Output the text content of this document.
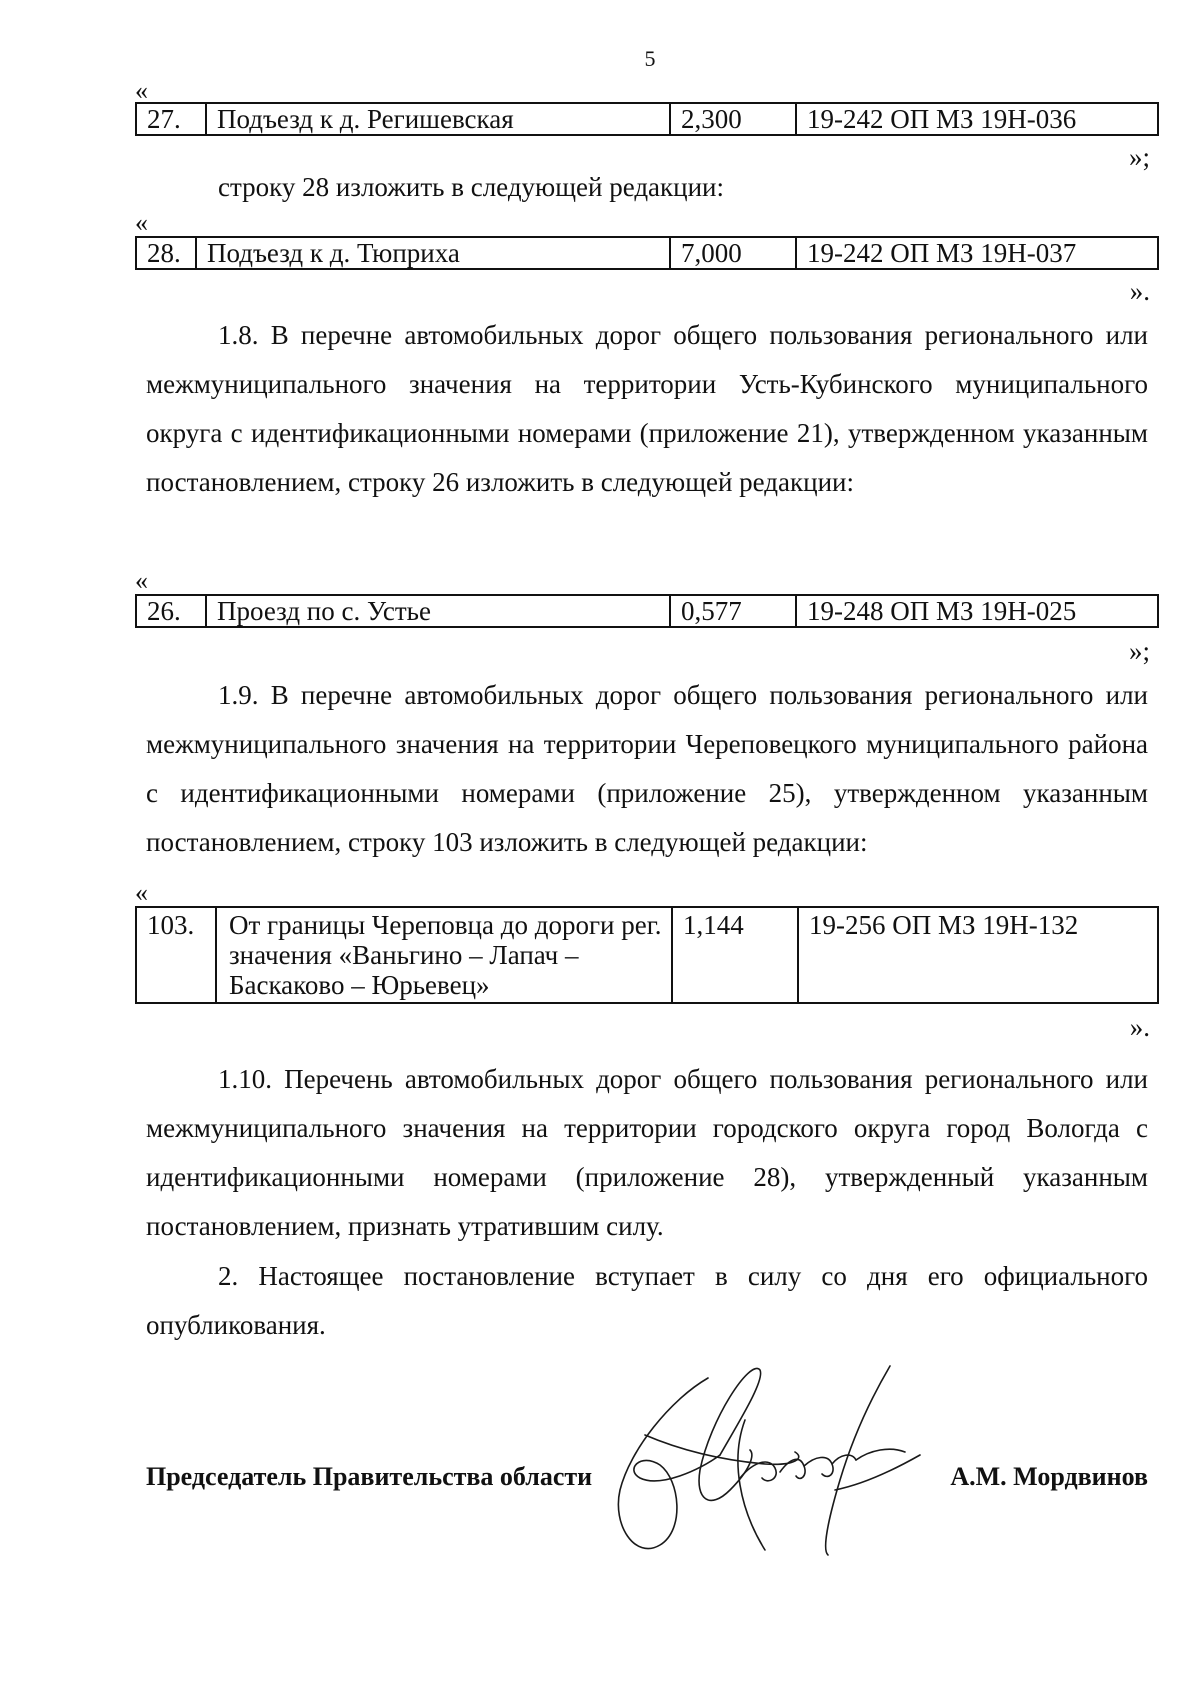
5
«
27.	Подъезд к д. Регишевская	2,300	19-242 ОП МЗ 19Н-036
»;
строку 28 изложить в следующей редакции:
«
28.	Подъезд к д. Тюприха	7,000	19-242 ОП МЗ 19Н-037
».

1.8. В перечне автомобильных дорог общего пользования регионального или межмуниципального значения на территории Усть-Кубинского муниципального округа с идентификационными номерами (приложение 21), утвержденном указанным постановлением, строку 26 изложить в следующей редакции:

«
26.	Проезд по с. Устье	0,577	19-248 ОП МЗ 19Н-025
»;

1.9. В перечне автомобильных дорог общего пользования регионального или межмуниципального значения на территории Череповецкого муниципального района с идентификационными номерами (приложение 25), утвержденном указанным постановлением, строку 103 изложить в следующей редакции:

«
103.	От границы Череповца до дороги рег. значения «Ваньгино – Лапач – Баскаково – Юрьевец»	1,144	19-256 ОП МЗ 19Н-132
».

1.10. Перечень автомобильных дорог общего пользования регионального или межмуниципального значения на территории городского округа город Вологда с идентификационными номерами (приложение 28), утвержденный указанным постановлением, признать утратившим силу.

2. Настоящее постановление вступает в силу со дня его официального опубликования.

Председатель Правительства области	А.М. Мордвинов
